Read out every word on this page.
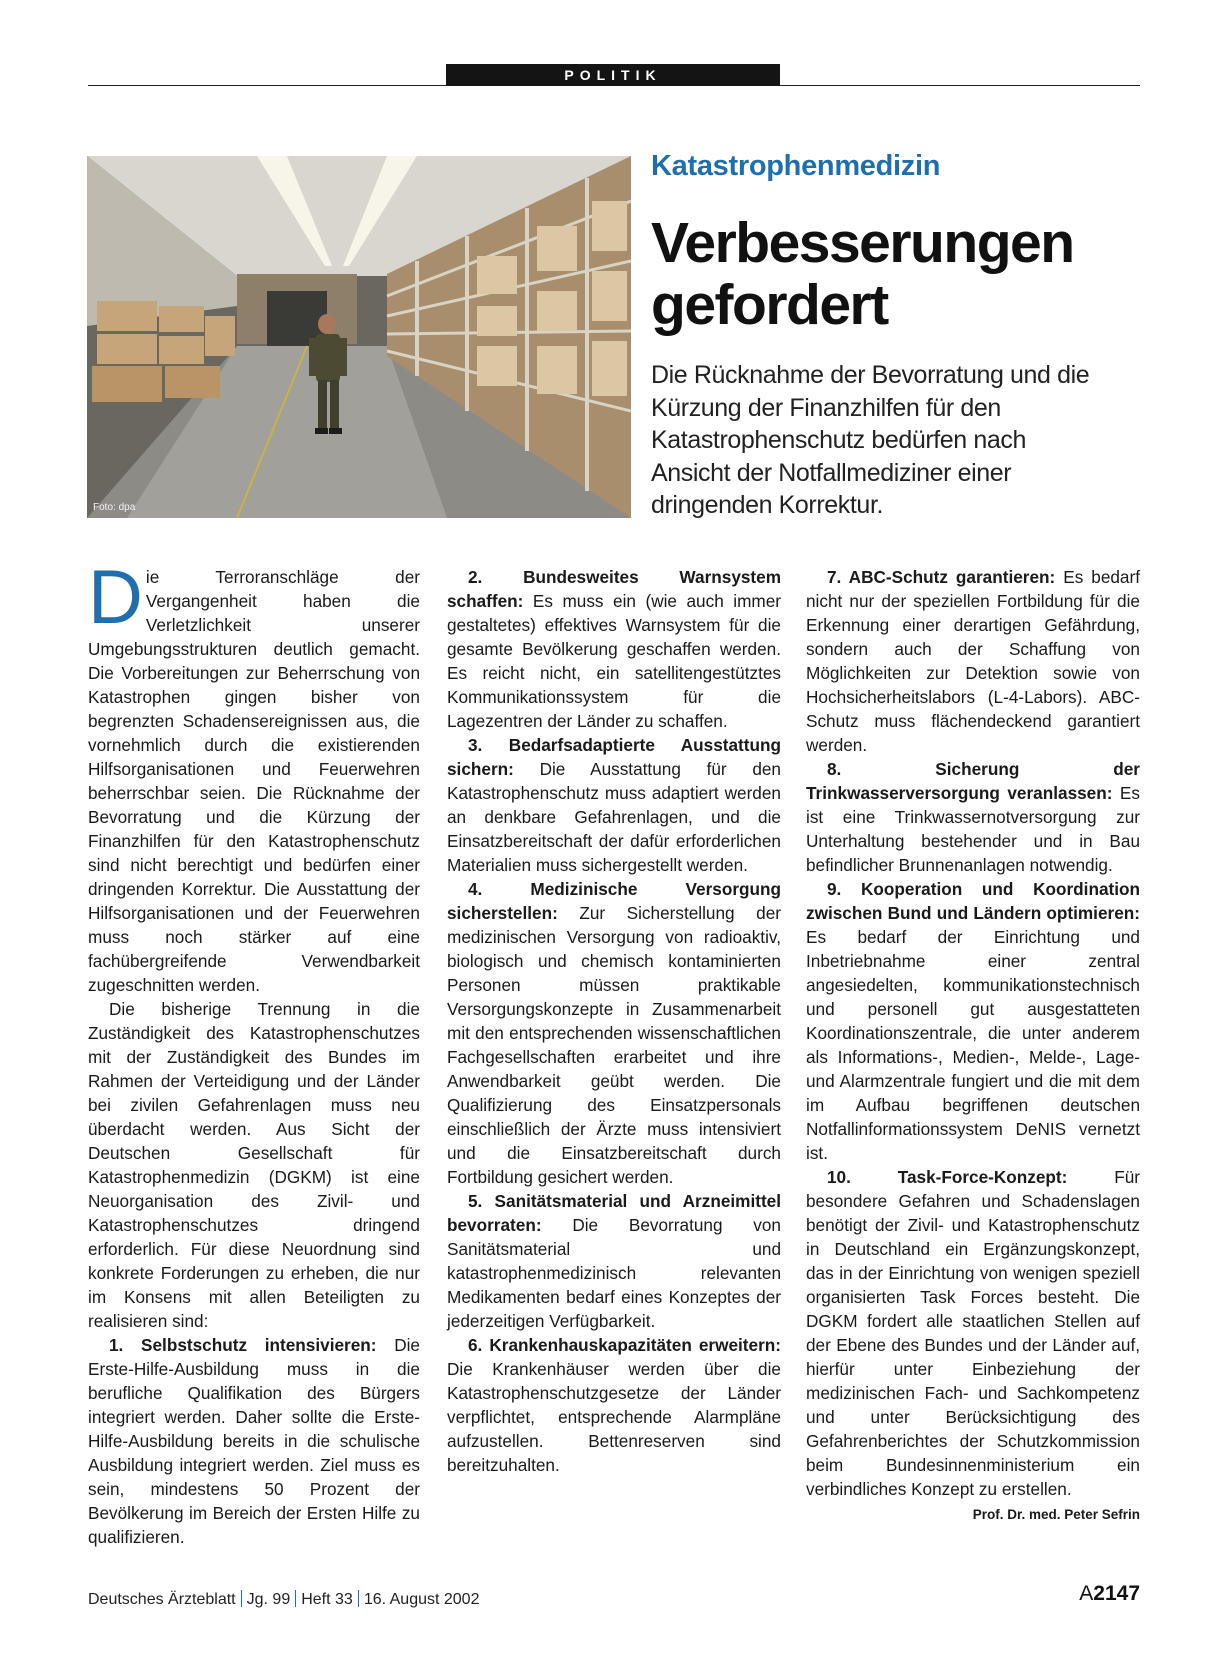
POLITIK
Foto: dpa
Katastrophenmedizin
Verbesserungen
gefordert
Die Rücknahme der Bevorratung und die Kürzung der Finanzhilfen für den Katastrophenschutz bedürfen nach Ansicht der Notfallmediziner einer dringenden Korrektur.

Die Terroranschläge der Vergangenheit haben die Verletzlichkeit unserer Umgebungsstrukturen deutlich gemacht. Die Vorbereitungen zur Beherrschung von Katastrophen gingen bisher von begrenzten Schadensereignissen aus, die vornehmlich durch die existierenden Hilfsorganisationen und Feuerwehren beherrschbar seien. Die Rücknahme der Bevorratung und die Kürzung der Finanzhilfen für den Katastrophenschutz sind nicht berechtigt und bedürfen einer dringenden Korrektur. Die Ausstattung der Hilfsorganisationen und der Feuerwehren muss noch stärker auf eine fachübergreifende Verwendbarkeit zugeschnitten werden.

Die bisherige Trennung in die Zuständigkeit des Katastrophenschutzes mit der Zuständigkeit des Bundes im Rahmen der Verteidigung und der Länder bei zivilen Gefahrenlagen muss neu überdacht werden. Aus Sicht der Deutschen Gesellschaft für Katastrophenmedizin (DGKM) ist eine Neuorganisation des Zivil- und Katastrophenschutzes dringend erforderlich. Für diese Neuordnung sind konkrete Forderungen zu erheben, die nur im Konsens mit allen Beteiligten zu realisieren sind:

1. Selbstschutz intensivieren: Die Erste-Hilfe-Ausbildung muss in die berufliche Qualifikation des Bürgers integriert werden. Daher sollte die Erste-Hilfe-Ausbildung bereits in die schulische Ausbildung integriert werden. Ziel muss es sein, mindestens 50 Prozent der Bevölkerung im Bereich der Ersten Hilfe zu qualifizieren.

2. Bundesweites Warnsystem schaffen: Es muss ein (wie auch immer gestaltetes) effektives Warnsystem für die gesamte Bevölkerung geschaffen werden. Es reicht nicht, ein satellitengestütztes Kommunikationssystem für die Lagezentren der Länder zu schaffen.

3. Bedarfsadaptierte Ausstattung sichern: Die Ausstattung für den Katastrophenschutz muss adaptiert werden an denkbare Gefahrenlagen, und die Einsatzbereitschaft der dafür erforderlichen Materialien muss sichergestellt werden.

4. Medizinische Versorgung sicherstellen: Zur Sicherstellung der medizinischen Versorgung von radioaktiv, biologisch und chemisch kontaminierten Personen müssen praktikable Versorgungskonzepte in Zusammenarbeit mit den entsprechenden wissenschaftlichen Fachgesellschaften erarbeitet und ihre Anwendbarkeit geübt werden. Die Qualifizierung des Einsatzpersonals einschließlich der Ärzte muss intensiviert und die Einsatzbereitschaft durch Fortbildung gesichert werden.

5. Sanitätsmaterial und Arzneimittel bevorraten: Die Bevorratung von Sanitätsmaterial und katastrophenmedizinisch relevanten Medikamenten bedarf eines Konzeptes der jederzeitigen Verfügbarkeit.

6. Krankenhauskapazitäten erweitern: Die Krankenhäuser werden über die Katastrophenschutzgesetze der Länder verpflichtet, entsprechende Alarmpläne aufzustellen. Bettenreserven sind bereitzuhalten.

7. ABC-Schutz garantieren: Es bedarf nicht nur der speziellen Fortbildung für die Erkennung einer derartigen Gefährdung, sondern auch der Schaffung von Möglichkeiten zur Detektion sowie von Hochsicherheitslabors (L-4-Labors). ABC-Schutz muss flächendeckend garantiert werden.

8. Sicherung der Trinkwasserversorgung veranlassen: Es ist eine Trinkwassernotversorgung zur Unterhaltung bestehender und in Bau befindlicher Brunnenanlagen notwendig.

9. Kooperation und Koordination zwischen Bund und Ländern optimieren: Es bedarf der Einrichtung und Inbetriebnahme einer zentral angesiedelten, kommunikationstechnisch und personell gut ausgestatteten Koordinationszentrale, die unter anderem als Informations-, Medien-, Melde-, Lage- und Alarmzentrale fungiert und die mit dem im Aufbau begriffenen deutschen Notfallinformationssystem DeNIS vernetzt ist.

10. Task-Force-Konzept: Für besondere Gefahren und Schadenslagen benötigt der Zivil- und Katastrophenschutz in Deutschland ein Ergänzungskonzept, das in der Einrichtung von wenigen speziell organisierten Task Forces besteht. Die DGKM fordert alle staatlichen Stellen auf der Ebene des Bundes und der Länder auf, hierfür unter Einbeziehung der medizinischen Fach- und Sachkompetenz und unter Berücksichtigung des Gefahrenberichtes der Schutzkommission beim Bundesinnenministerium ein verbindliches Konzept zu erstellen.
Prof. Dr. med. Peter Sefrin

Deutsches Ärzteblatt Jg. 99 Heft 33 16. August 2002	A2147
